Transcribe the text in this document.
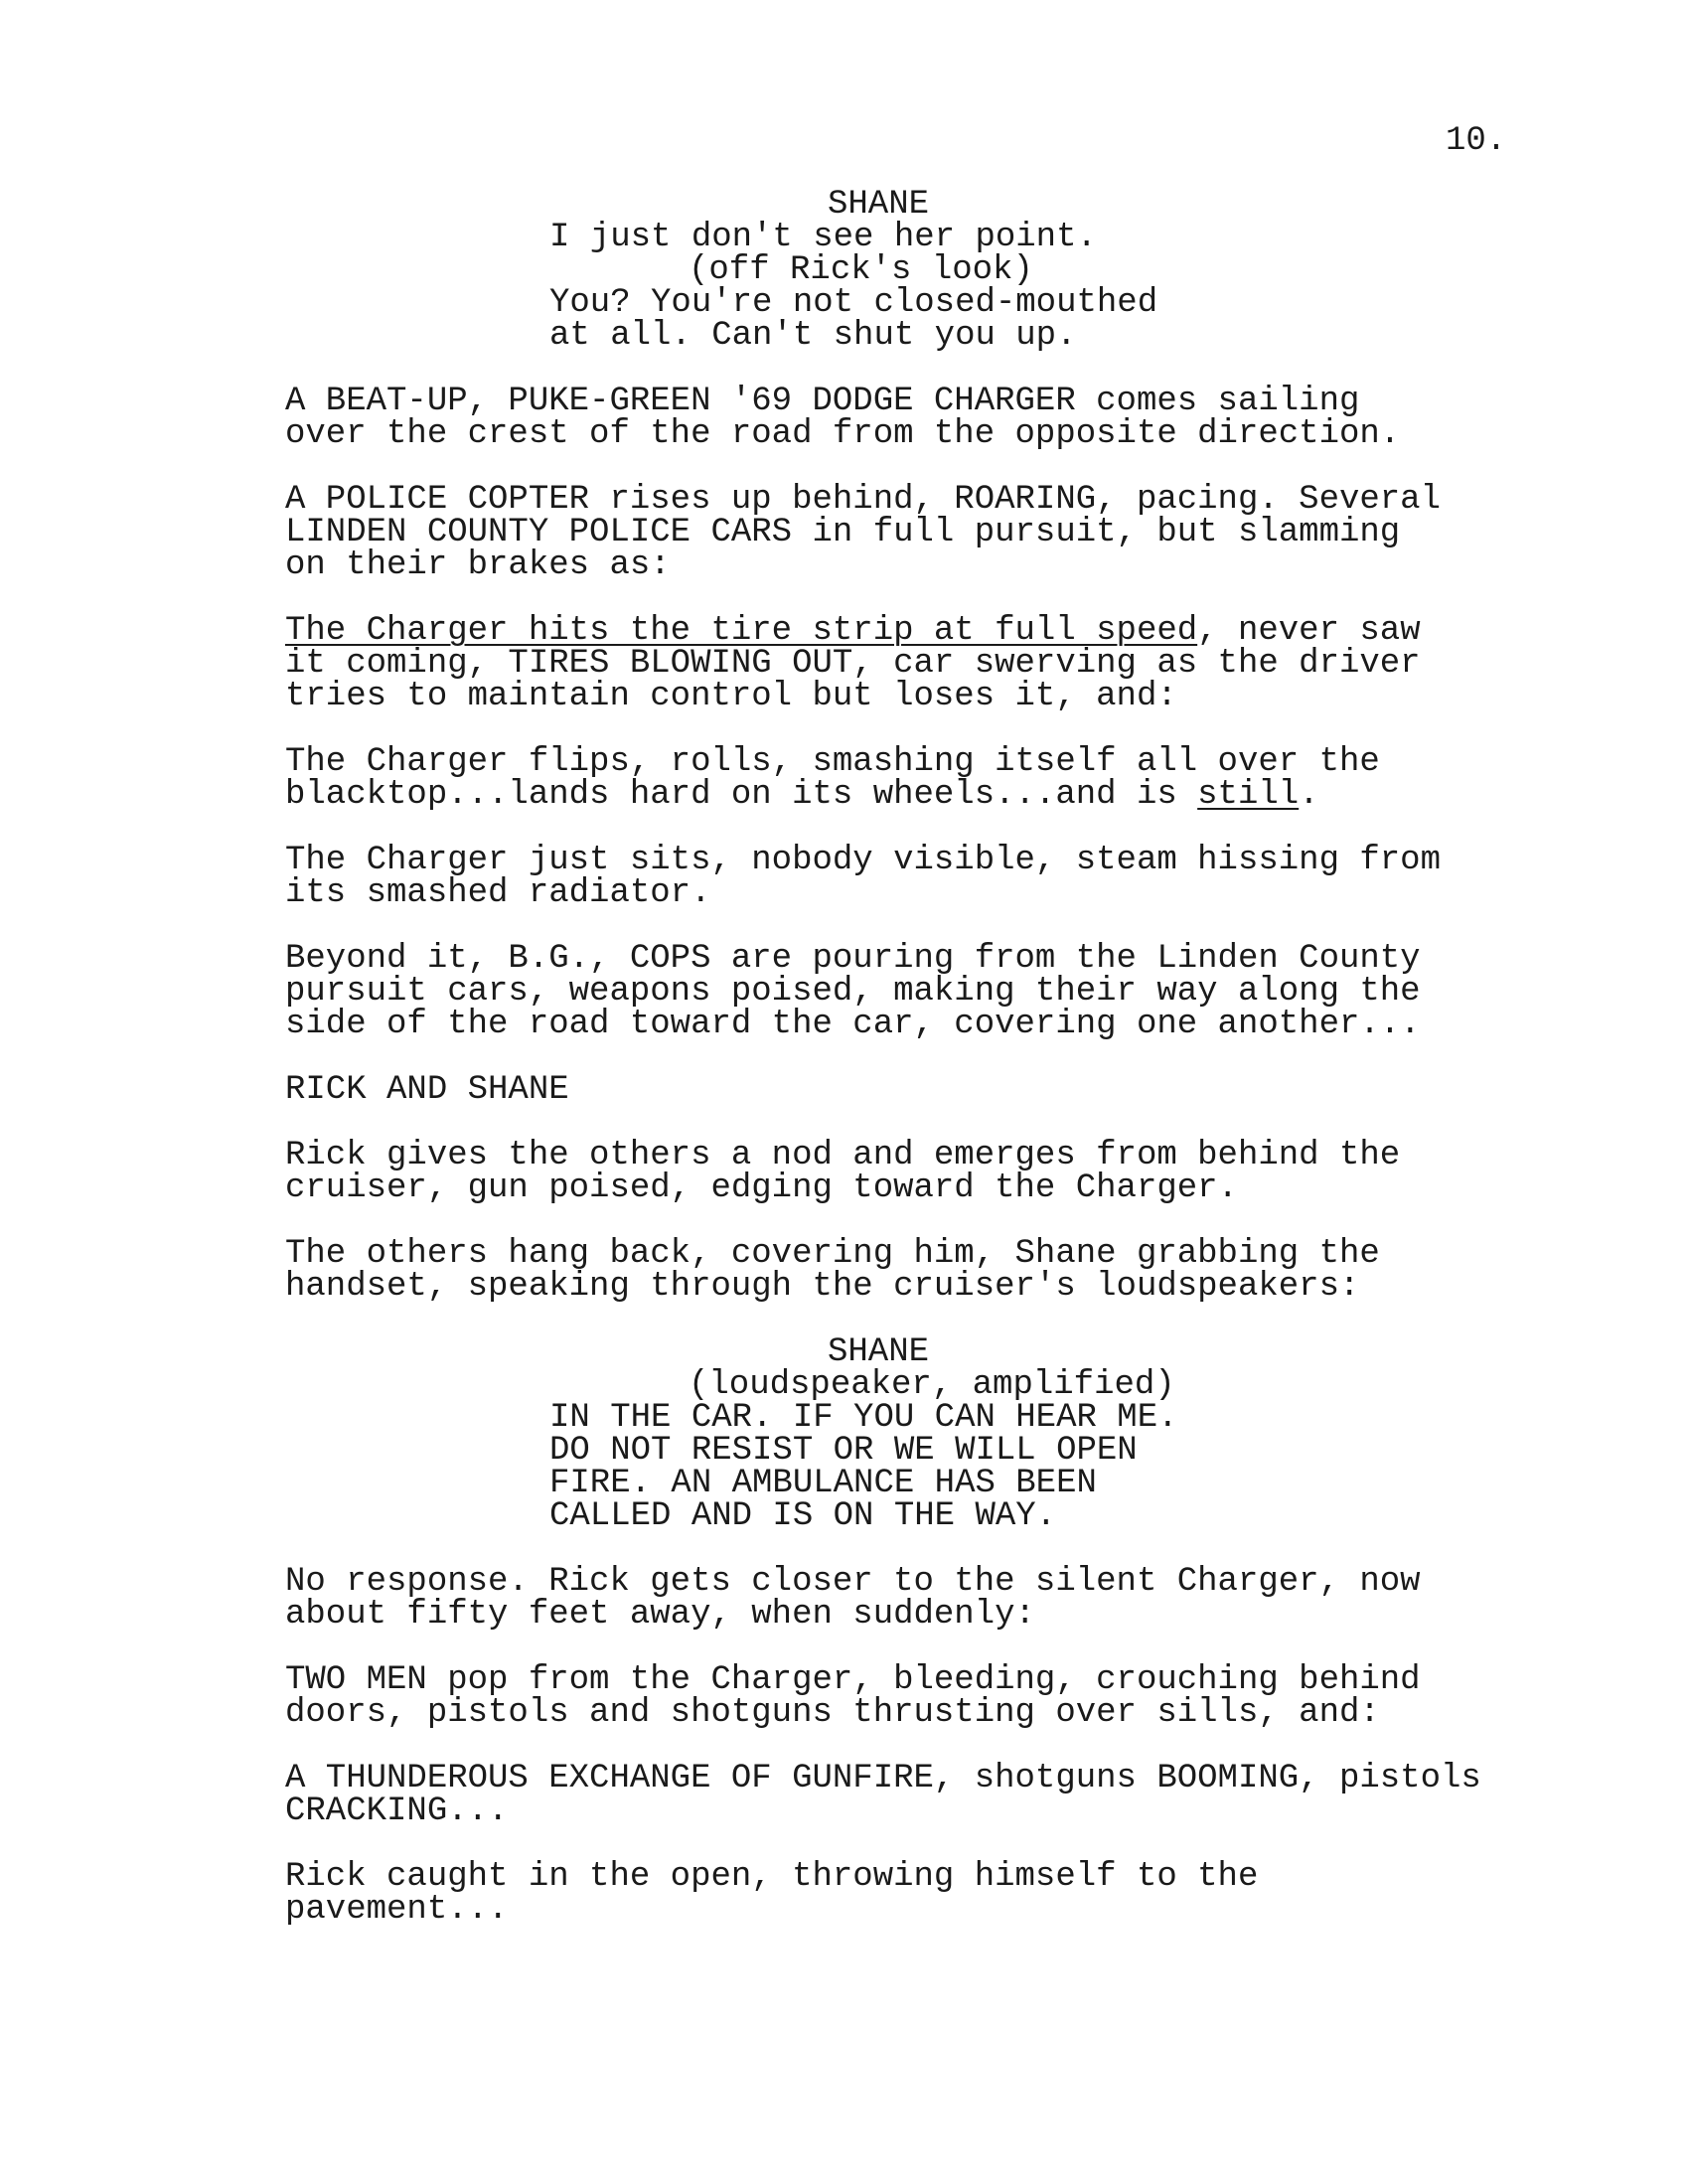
10.

SHANE

I just don't see her point.

(off Rick's look)

You? You're not closed-mouthed
at all. Can't shut you up.

A BEAT-UP, PUKE-GREEN '69 DODGE CHARGER comes sailing
over the crest of the road from the opposite direction.

A POLICE COPTER rises up behind, ROARING, pacing. Several
LINDEN COUNTY POLICE CARS in full pursuit, but slamming
on their brakes as:

The Charger hits the tire strip at full speed, never saw
it coming, TIRES BLOWING OUT, car swerving as the driver
tries to maintain control but loses it, and:

The Charger flips, rolls, smashing itself all over the
blacktop...lands hard on its wheels...and is still.

The Charger just sits, nobody visible, steam hissing from
its smashed radiator.

Beyond it, B.G., COPS are pouring from the Linden County
pursuit cars, weapons poised, making their way along the
side of the road toward the car, covering one another...

RICK AND SHANE

Rick gives the others a nod and emerges from behind the
cruiser, gun poised, edging toward the Charger.

The others hang back, covering him, Shane grabbing the
handset, speaking through the cruiser's loudspeakers:

SHANE

(loudspeaker, amplified)

IN THE CAR. IF YOU CAN HEAR ME.
DO NOT RESIST OR WE WILL OPEN
FIRE. AN AMBULANCE HAS BEEN
CALLED AND IS ON THE WAY.

No response. Rick gets closer to the silent Charger, now
about fifty feet away, when suddenly:

TWO MEN pop from the Charger, bleeding, crouching behind
doors, pistols and shotguns thrusting over sills, and:

A THUNDEROUS EXCHANGE OF GUNFIRE, shotguns BOOMING, pistols
CRACKING...

Rick caught in the open, throwing himself to the
pavement...
